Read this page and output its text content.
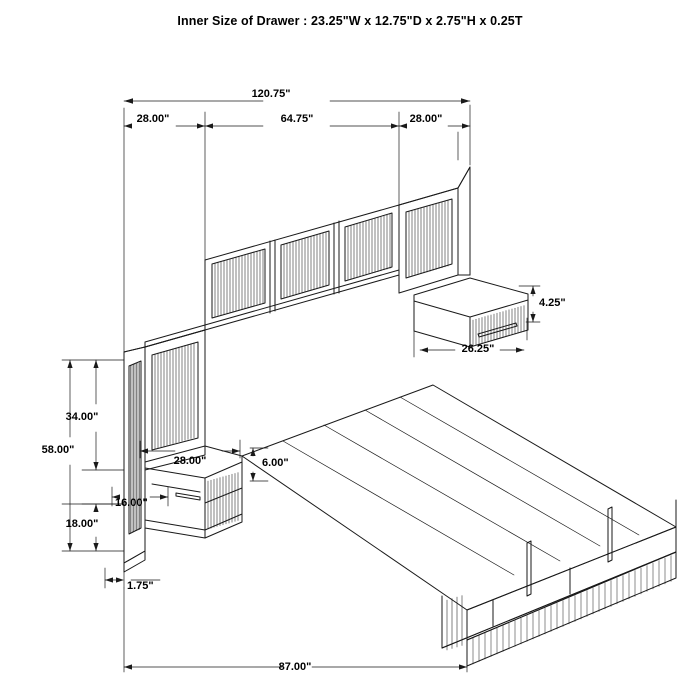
Inner Size of Drawer : 23.25"W x 12.75"D x 2.75"H x 0.25T
120.75"
28.00"	64.75"	28.00"
4.25"
26.25"
34.00"
58.00"
28.00"	6.00"
16.00"
18.00"
1.75"
87.00"
